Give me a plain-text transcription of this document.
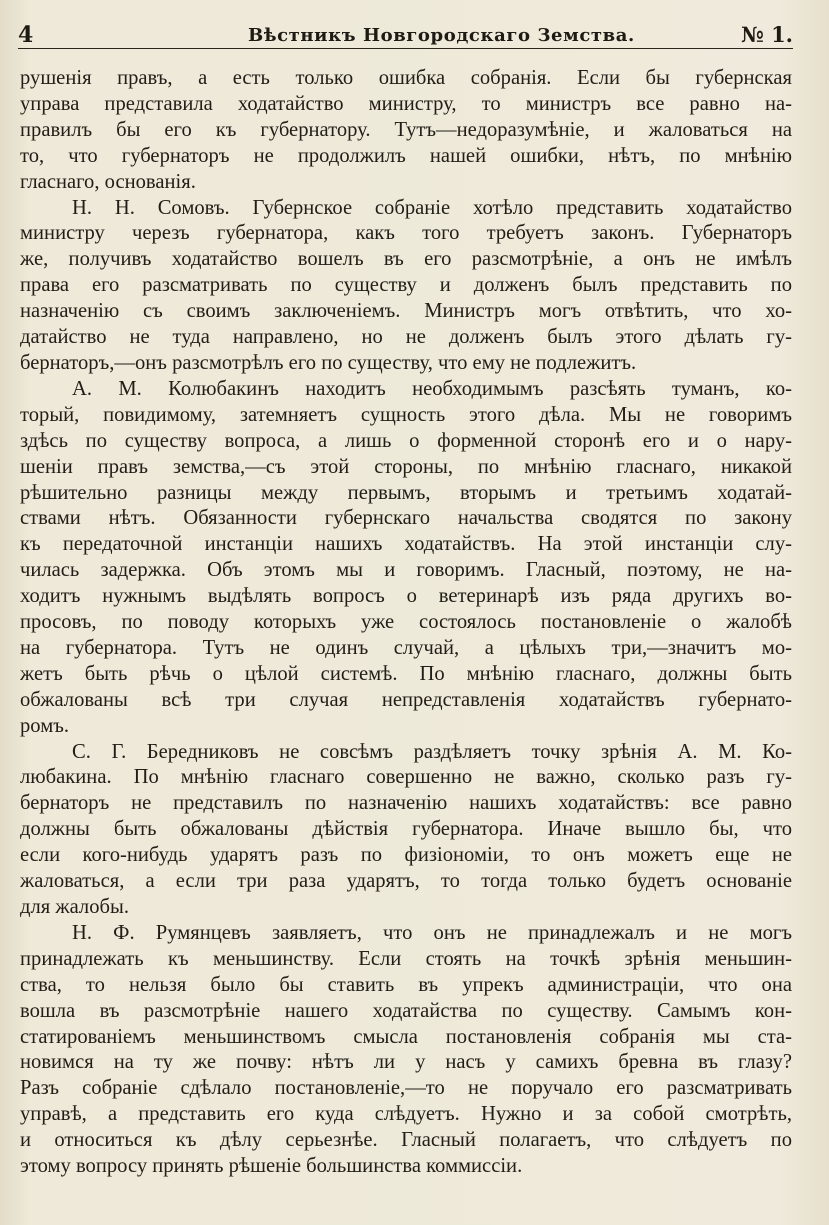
4	Вѣстникъ Новгородскаго Земства.	№ 1.

рушенія правъ, а есть только ошибка собранія. Если бы губернская
управа представила ходатайство министру, то министръ все равно на-
правилъ бы его къ губернатору. Тутъ—недоразумѣніе, и жаловаться на
то, что губернаторъ не продолжилъ нашей ошибки, нѣтъ, по мнѣнію
гласнаго, основанія.

Н. Н. Сомовъ. Губернское собраніе хотѣло представить ходатайство
министру черезъ губернатора, какъ того требуетъ законъ. Губернаторъ
же, получивъ ходатайство вошелъ въ его разсмотрѣніе, а онъ не имѣлъ
права его разсматривать по существу и долженъ былъ представить по
назначенію съ своимъ заключеніемъ. Министръ могъ отвѣтить, что хо-
датайство не туда направлено, но не долженъ былъ этого дѣлать гу-
бернаторъ,—онъ разсмотрѣлъ его по существу, что ему не подлежитъ.

А. М. Колюбакинъ находитъ необходимымъ разсѣять туманъ, ко-
торый, повидимому, затемняетъ сущность этого дѣла. Мы не говоримъ
здѣсь по существу вопроса, а лишь о форменной сторонѣ его и о нару-
шеніи правъ земства,—съ этой стороны, по мнѣнію гласнаго, никакой
рѣшительно разницы между первымъ, вторымъ и третьимъ ходатай-
ствами нѣтъ. Обязанности губернскаго начальства сводятся по закону
къ передаточной инстанціи нашихъ ходатайствъ. На этой инстанціи слу-
чилась задержка. Объ этомъ мы и говоримъ. Гласный, поэтому, не на-
ходитъ нужнымъ выдѣлять вопросъ о ветеринарѣ изъ ряда другихъ во-
просовъ, по поводу которыхъ уже состоялось постановленіе о жалобѣ
на губернатора. Тутъ не одинъ случай, а цѣлыхъ три,—значитъ мо-
жетъ быть рѣчь о цѣлой системѣ. По мнѣнію гласнаго, должны быть
обжалованы всѣ три случая непредставленія ходатайствъ губернато-
ромъ.

С. Г. Бередниковъ не совсѣмъ раздѣляетъ точку зрѣнія А. М. Ко-
любакина. По мнѣнію гласнаго совершенно не важно, сколько разъ гу-
бернаторъ не представилъ по назначенію нашихъ ходатайствъ: все равно
должны быть обжалованы дѣйствія губернатора. Иначе вышло бы, что
если кого-нибудь ударятъ разъ по физіономіи, то онъ можетъ еще не
жаловаться, а если три раза ударятъ, то тогда только будетъ основаніе
для жалобы.

Н. Ф. Румянцевъ заявляетъ, что онъ не принадлежалъ и не могъ
принадлежать къ меньшинству. Если стоять на точкѣ зрѣнія меньшин-
ства, то нельзя было бы ставить въ упрекъ администраціи, что она
вошла въ разсмотрѣніе нашего ходатайства по существу. Самымъ кон-
статированіемъ меньшинствомъ смысла постановленія собранія мы ста-
новимся на ту же почву: нѣтъ ли у насъ у самихъ бревна въ глазу?
Разъ собраніе сдѣлало постановленіе,—то не поручало его разсматривать
управѣ, а представить его куда слѣдуетъ. Нужно и за собой смотрѣть,
и относиться къ дѣлу серьезнѣе. Гласный полагаетъ, что слѣдуетъ по
этому вопросу принять рѣшеніе большинства коммиссіи.
